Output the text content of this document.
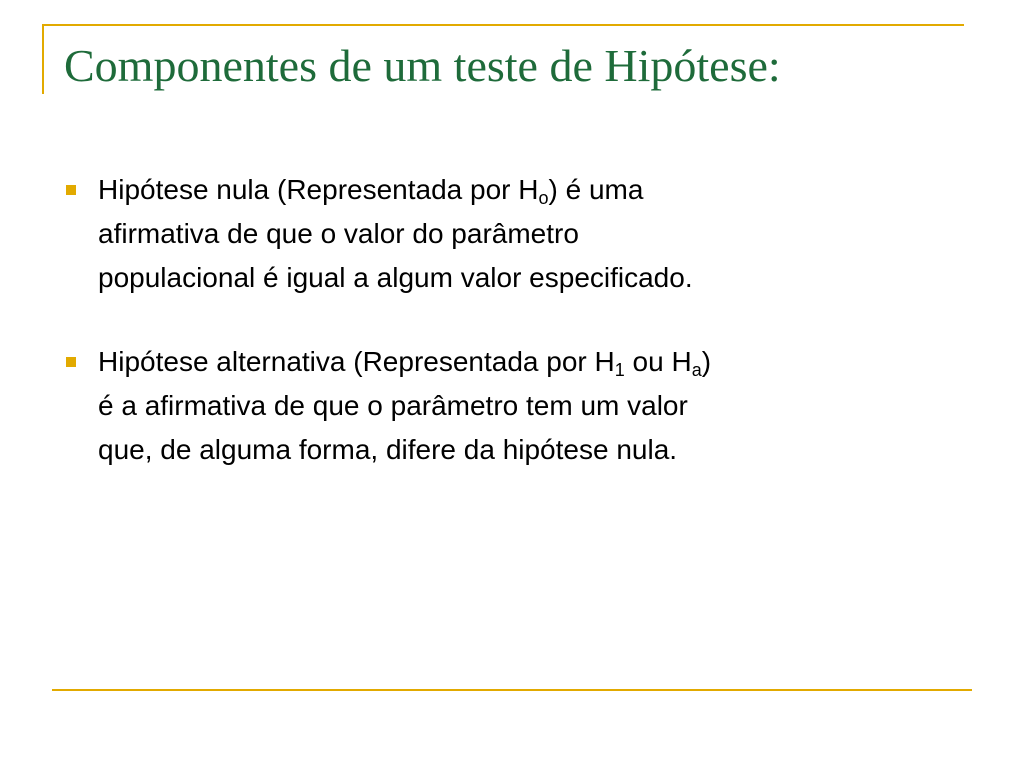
Componentes de um teste de Hipótese:
Hipótese nula (Representada por $H_o$) é uma
afirmativa de que o valor do parâmetro
populacional é igual a algum valor especificado.
Hipótese alternativa (Representada por $H_1$ ou $H_a$)
é a afirmativa de que o parâmetro tem um valor
que, de alguma forma, difere da hipótese nula.
